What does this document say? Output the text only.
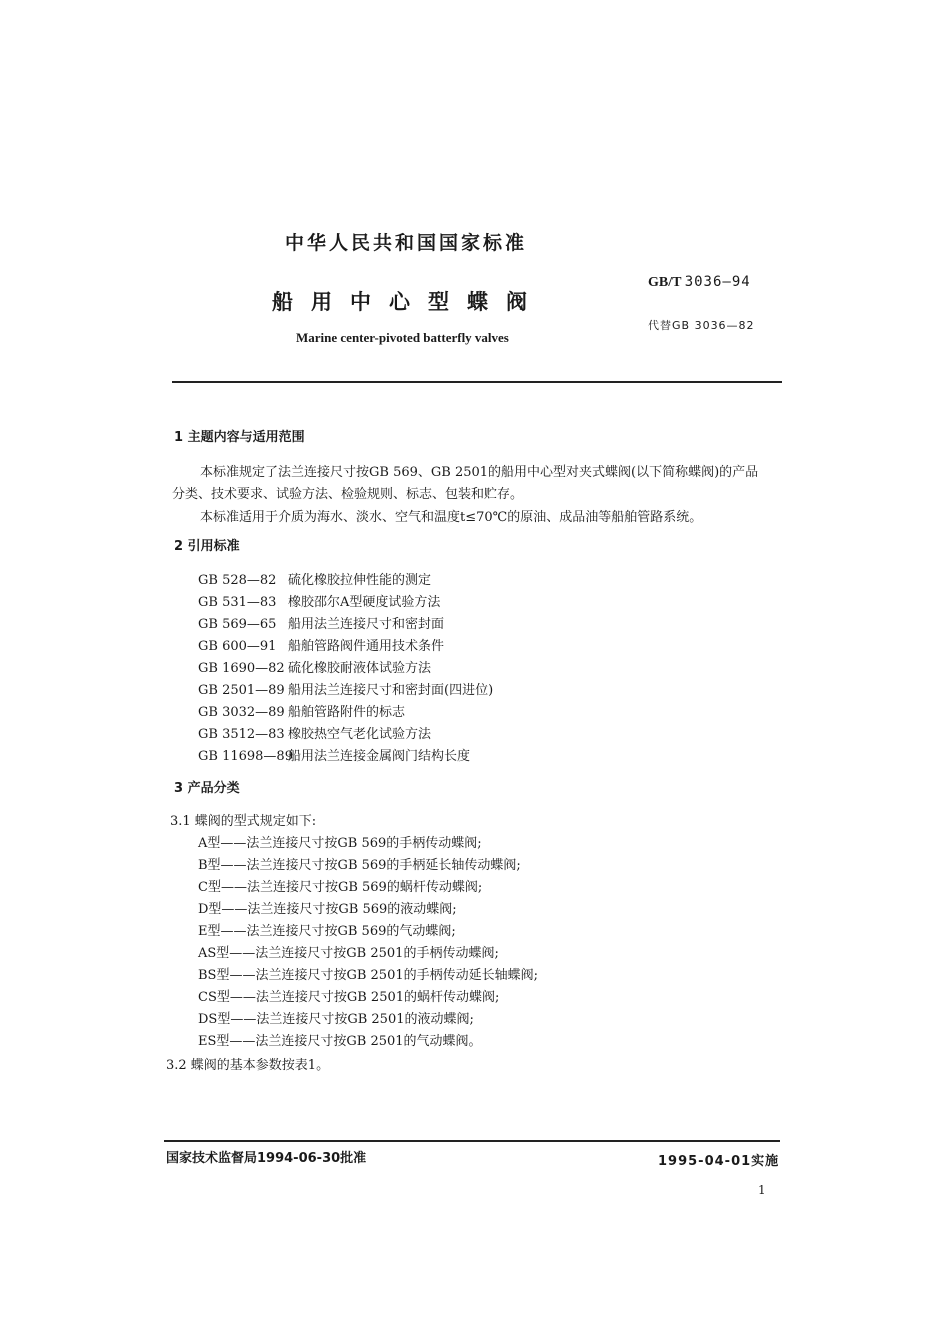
中华人民共和国国家标准
船用中心型蝶阀
Marine center-pivoted batterfly valves
GB/T 3036—94
代替GB 3036—82
1 主题内容与适用范围
本标准规定了法兰连接尺寸按GB 569、GB 2501的船用中心型对夹式蝶阀(以下简称蝶阀)的产品
分类、技术要求、试验方法、检验规则、标志、包装和贮存。
本标准适用于介质为海水、淡水、空气和温度t≤70℃的原油、成品油等船舶管路系统。
2 引用标准
GB 528—82 硫化橡胶拉伸性能的测定
GB 531—83 橡胶邵尔A型硬度试验方法
GB 569—65 船用法兰连接尺寸和密封面
GB 600—91 船舶管路阀件通用技术条件
GB 1690—82 硫化橡胶耐液体试验方法
GB 2501—89 船用法兰连接尺寸和密封面(四进位)
GB 3032—89 船舶管路附件的标志
GB 3512—83 橡胶热空气老化试验方法
GB 11698—89船用法兰连接金属阀门结构长度
3 产品分类
3.1 蝶阀的型式规定如下:
A型——法兰连接尺寸按GB 569的手柄传动蝶阀;
B型——法兰连接尺寸按GB 569的手柄延长轴传动蝶阀;
C型——法兰连接尺寸按GB 569的蜗杆传动蝶阀;
D型——法兰连接尺寸按GB 569的液动蝶阀;
E型——法兰连接尺寸按GB 569的气动蝶阀;
AS型——法兰连接尺寸按GB 2501的手柄传动蝶阀;
BS型——法兰连接尺寸按GB 2501的手柄传动延长轴蝶阀;
CS型——法兰连接尺寸按GB 2501的蜗杆传动蝶阀;
DS型——法兰连接尺寸按GB 2501的液动蝶阀;
ES型——法兰连接尺寸按GB 2501的气动蝶阀。
3.2 蝶阀的基本参数按表1。
国家技术监督局1994-06-30批准	1995-04-01实施
1
